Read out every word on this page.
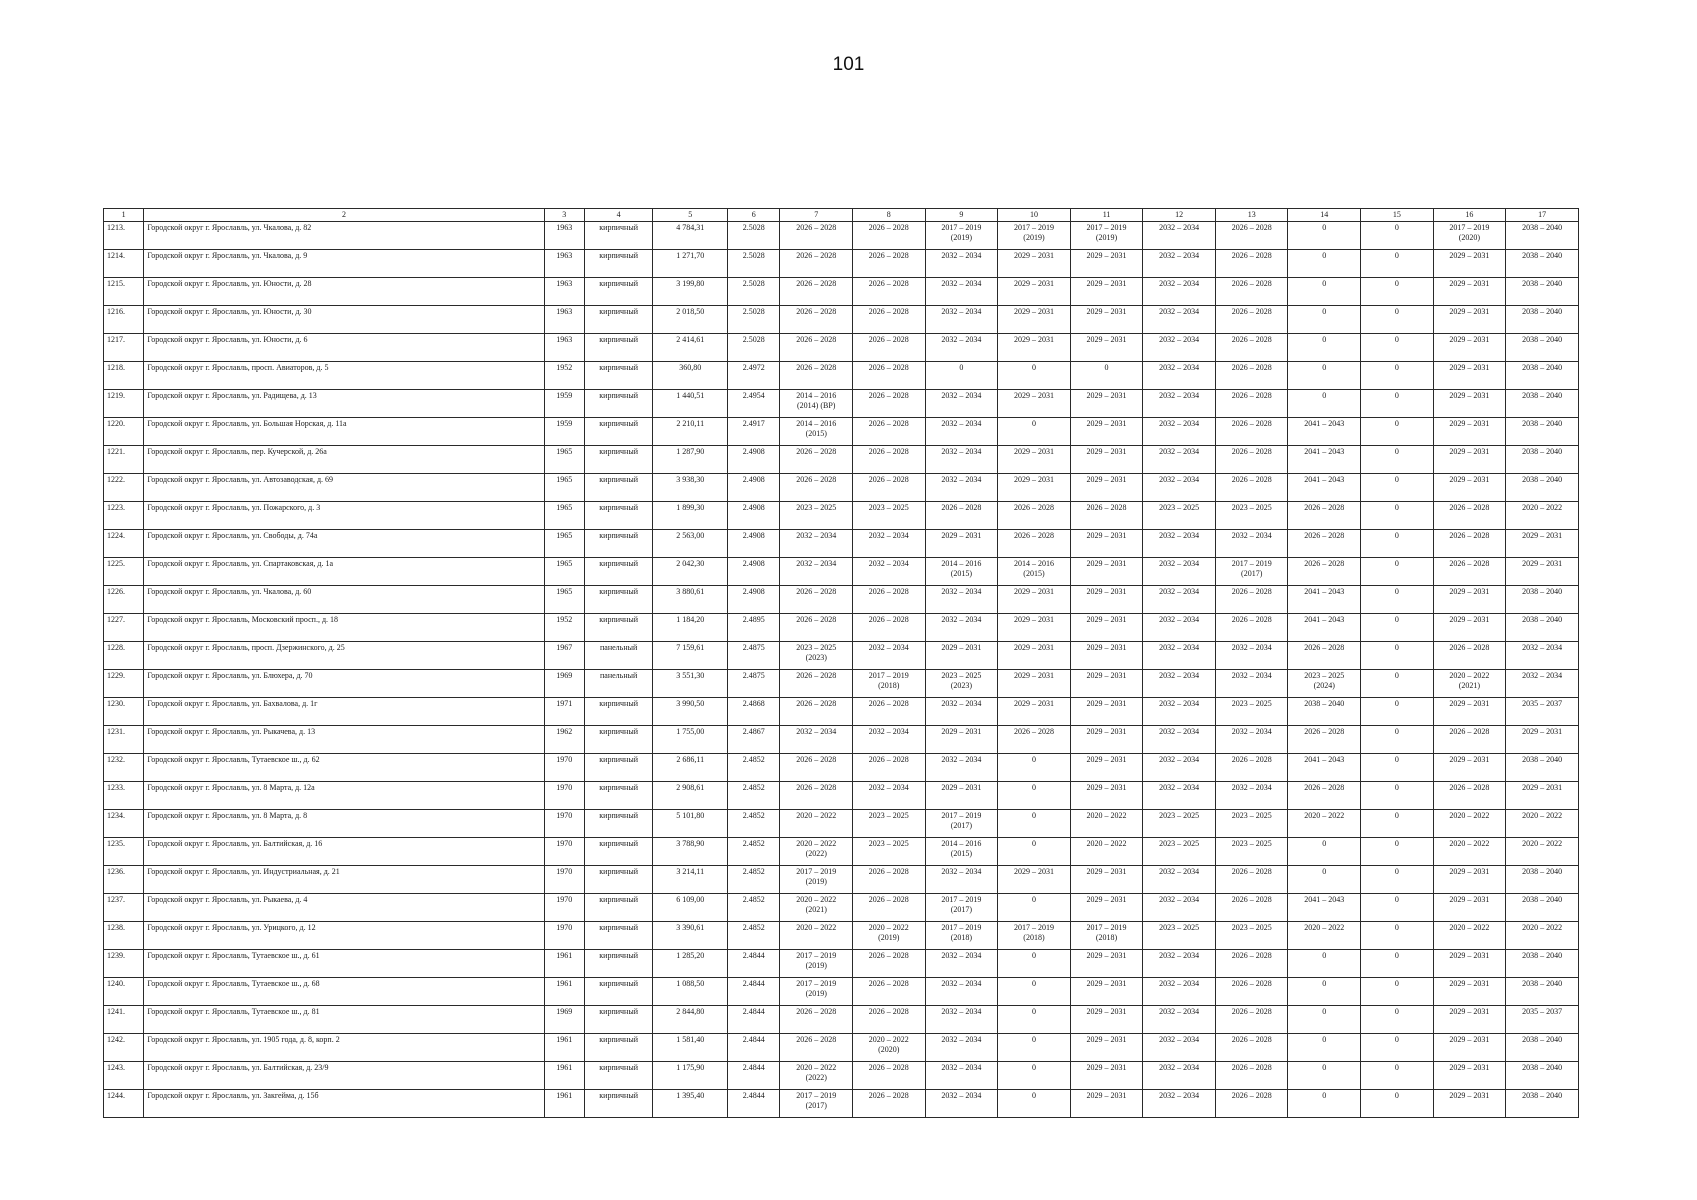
101
1	2	3	4	5	6	7	8	9	10	11	12	13	14	15	16	17

1213.	Городской округ г. Ярославль, ул. Чкалова, д. 82	1963	кирпичный	4 784,31	2.5028	2026 – 2028	2026 – 2028	2017 – 2019
(2019)	2017 – 2019
(2019)	2017 – 2019
(2019)	2032 – 2034	2026 – 2028	0	0	2017 – 2019
(2020)	2038 – 2040

1214.	Городской округ г. Ярославль, ул. Чкалова, д. 9	1963	кирпичный	1 271,70	2.5028	2026 – 2028	2026 – 2028	2032 – 2034	2029 – 2031	2029 – 2031	2032 – 2034	2026 – 2028	0	0	2029 – 2031	2038 – 2040

1215.	Городской округ г. Ярославль, ул. Юности, д. 28	1963	кирпичный	3 199,80	2.5028	2026 – 2028	2026 – 2028	2032 – 2034	2029 – 2031	2029 – 2031	2032 – 2034	2026 – 2028	0	0	2029 – 2031	2038 – 2040

1216.	Городской округ г. Ярославль, ул. Юности, д. 30	1963	кирпичный	2 018,50	2.5028	2026 – 2028	2026 – 2028	2032 – 2034	2029 – 2031	2029 – 2031	2032 – 2034	2026 – 2028	0	0	2029 – 2031	2038 – 2040

1217.	Городской округ г. Ярославль, ул. Юности, д. 6	1963	кирпичный	2 414,61	2.5028	2026 – 2028	2026 – 2028	2032 – 2034	2029 – 2031	2029 – 2031	2032 – 2034	2026 – 2028	0	0	2029 – 2031	2038 – 2040

1218.	Городской округ г. Ярославль, просп. Авиаторов, д. 5	1952	кирпичный	360,80	2.4972	2026 – 2028	2026 – 2028	0	0	0	2032 – 2034	2026 – 2028	0	0	2029 – 2031	2038 – 2040

1219.	Городской округ г. Ярославль, ул. Радищева, д. 13	1959	кирпичный	1 440,51	2.4954	2014 – 2016
(2014) (ВР)	2026 – 2028	2032 – 2034	2029 – 2031	2029 – 2031	2032 – 2034	2026 – 2028	0	0	2029 – 2031	2038 – 2040

1220.	Городской округ г. Ярославль, ул. Большая Норская, д. 11а	1959	кирпичный	2 210,11	2.4917	2014 – 2016
(2015)	2026 – 2028	2032 – 2034	0	2029 – 2031	2032 – 2034	2026 – 2028	2041 – 2043	0	2029 – 2031	2038 – 2040

1221.	Городской округ г. Ярославль, пер. Кучерской, д. 26а	1965	кирпичный	1 287,90	2.4908	2026 – 2028	2026 – 2028	2032 – 2034	2029 – 2031	2029 – 2031	2032 – 2034	2026 – 2028	2041 – 2043	0	2029 – 2031	2038 – 2040

1222.	Городской округ г. Ярославль, ул. Автозаводская, д. 69	1965	кирпичный	3 938,30	2.4908	2026 – 2028	2026 – 2028	2032 – 2034	2029 – 2031	2029 – 2031	2032 – 2034	2026 – 2028	2041 – 2043	0	2029 – 2031	2038 – 2040

1223.	Городской округ г. Ярославль, ул. Пожарского, д. 3	1965	кирпичный	1 899,30	2.4908	2023 – 2025	2023 – 2025	2026 – 2028	2026 – 2028	2026 – 2028	2023 – 2025	2023 – 2025	2026 – 2028	0	2026 – 2028	2020 – 2022

1224.	Городской округ г. Ярославль, ул. Свободы, д. 74а	1965	кирпичный	2 563,00	2.4908	2032 – 2034	2032 – 2034	2029 – 2031	2026 – 2028	2029 – 2031	2032 – 2034	2032 – 2034	2026 – 2028	0	2026 – 2028	2029 – 2031

1225.	Городской округ г. Ярославль, ул. Спартаковская, д. 1а	1965	кирпичный	2 042,30	2.4908	2032 – 2034	2032 – 2034	2014 – 2016
(2015)	2014 – 2016
(2015)	2029 – 2031	2032 – 2034	2017 – 2019
(2017)	2026 – 2028	0	2026 – 2028	2029 – 2031

1226.	Городской округ г. Ярославль, ул. Чкалова, д. 60	1965	кирпичный	3 880,61	2.4908	2026 – 2028	2026 – 2028	2032 – 2034	2029 – 2031	2029 – 2031	2032 – 2034	2026 – 2028	2041 – 2043	0	2029 – 2031	2038 – 2040

1227.	Городской округ г. Ярославль, Московский просп., д. 18	1952	кирпичный	1 184,20	2.4895	2026 – 2028	2026 – 2028	2032 – 2034	2029 – 2031	2029 – 2031	2032 – 2034	2026 – 2028	2041 – 2043	0	2029 – 2031	2038 – 2040

1228.	Городской округ г. Ярославль, просп. Дзержинского, д. 25	1967	панельный	7 159,61	2.4875	2023 – 2025
(2023)	2032 – 2034	2029 – 2031	2029 – 2031	2029 – 2031	2032 – 2034	2032 – 2034	2026 – 2028	0	2026 – 2028	2032 – 2034

1229.	Городской округ г. Ярославль, ул. Блюхера, д. 70	1969	панельный	3 551,30	2.4875	2026 – 2028	2017 – 2019
(2018)	2023 – 2025
(2023)	2029 – 2031	2029 – 2031	2032 – 2034	2032 – 2034	2023 – 2025
(2024)	0	2020 – 2022
(2021)	2032 – 2034

1230.	Городской округ г. Ярославль, ул. Бахвалова, д. 1г	1971	кирпичный	3 990,50	2.4868	2026 – 2028	2026 – 2028	2032 – 2034	2029 – 2031	2029 – 2031	2032 – 2034	2023 – 2025	2038 – 2040	0	2029 – 2031	2035 – 2037

1231.	Городской округ г. Ярославль, ул. Рыкачева, д. 13	1962	кирпичный	1 755,00	2.4867	2032 – 2034	2032 – 2034	2029 – 2031	2026 – 2028	2029 – 2031	2032 – 2034	2032 – 2034	2026 – 2028	0	2026 – 2028	2029 – 2031

1232.	Городской округ г. Ярославль, Тутаевское ш., д. 62	1970	кирпичный	2 686,11	2.4852	2026 – 2028	2026 – 2028	2032 – 2034	0	2029 – 2031	2032 – 2034	2026 – 2028	2041 – 2043	0	2029 – 2031	2038 – 2040

1233.	Городской округ г. Ярославль, ул. 8 Марта, д. 12а	1970	кирпичный	2 908,61	2.4852	2026 – 2028	2032 – 2034	2029 – 2031	0	2029 – 2031	2032 – 2034	2032 – 2034	2026 – 2028	0	2026 – 2028	2029 – 2031

1234.	Городской округ г. Ярославль, ул. 8 Марта, д. 8	1970	кирпичный	5 101,80	2.4852	2020 – 2022	2023 – 2025	2017 – 2019
(2017)	0	2020 – 2022	2023 – 2025	2023 – 2025	2020 – 2022	0	2020 – 2022	2020 – 2022

1235.	Городской округ г. Ярославль, ул. Балтийская, д. 16	1970	кирпичный	3 788,90	2.4852	2020 – 2022
(2022)	2023 – 2025	2014 – 2016
(2015)	0	2020 – 2022	2023 – 2025	2023 – 2025	0	0	2020 – 2022	2020 – 2022

1236.	Городской округ г. Ярославль, ул. Индустриальная, д. 21	1970	кирпичный	3 214,11	2.4852	2017 – 2019
(2019)	2026 – 2028	2032 – 2034	2029 – 2031	2029 – 2031	2032 – 2034	2026 – 2028	0	0	2029 – 2031	2038 – 2040

1237.	Городской округ г. Ярославль, ул. Рыкаева, д. 4	1970	кирпичный	6 109,00	2.4852	2020 – 2022
(2021)	2026 – 2028	2017 – 2019
(2017)	0	2029 – 2031	2032 – 2034	2026 – 2028	2041 – 2043	0	2029 – 2031	2038 – 2040

1238.	Городской округ г. Ярославль, ул. Урицкого, д. 12	1970	кирпичный	3 390,61	2.4852	2020 – 2022	2020 – 2022
(2019)	2017 – 2019
(2018)	2017 – 2019
(2018)	2017 – 2019
(2018)	2023 – 2025	2023 – 2025	2020 – 2022	0	2020 – 2022	2020 – 2022

1239.	Городской округ г. Ярославль, Тутаевское ш., д. 61	1961	кирпичный	1 285,20	2.4844	2017 – 2019
(2019)	2026 – 2028	2032 – 2034	0	2029 – 2031	2032 – 2034	2026 – 2028	0	0	2029 – 2031	2038 – 2040

1240.	Городской округ г. Ярославль, Тутаевское ш., д. 68	1961	кирпичный	1 088,50	2.4844	2017 – 2019
(2019)	2026 – 2028	2032 – 2034	0	2029 – 2031	2032 – 2034	2026 – 2028	0	0	2029 – 2031	2038 – 2040

1241.	Городской округ г. Ярославль, Тутаевское ш., д. 81	1969	кирпичный	2 844,80	2.4844	2026 – 2028	2026 – 2028	2032 – 2034	0	2029 – 2031	2032 – 2034	2026 – 2028	0	0	2029 – 2031	2035 – 2037

1242.	Городской округ г. Ярославль, ул. 1905 года, д. 8, корп. 2	1961	кирпичный	1 581,40	2.4844	2026 – 2028	2020 – 2022
(2020)	2032 – 2034	0	2029 – 2031	2032 – 2034	2026 – 2028	0	0	2029 – 2031	2038 – 2040

1243.	Городской округ г. Ярославль, ул. Балтийская, д. 23/9	1961	кирпичный	1 175,90	2.4844	2020 – 2022
(2022)	2026 – 2028	2032 – 2034	0	2029 – 2031	2032 – 2034	2026 – 2028	0	0	2029 – 2031	2038 – 2040

1244.	Городской округ г. Ярославль, ул. Закгейма, д. 15б	1961	кирпичный	1 395,40	2.4844	2017 – 2019
(2017)	2026 – 2028	2032 – 2034	0	2029 – 2031	2032 – 2034	2026 – 2028	0	0	2029 – 2031	2038 – 2040
